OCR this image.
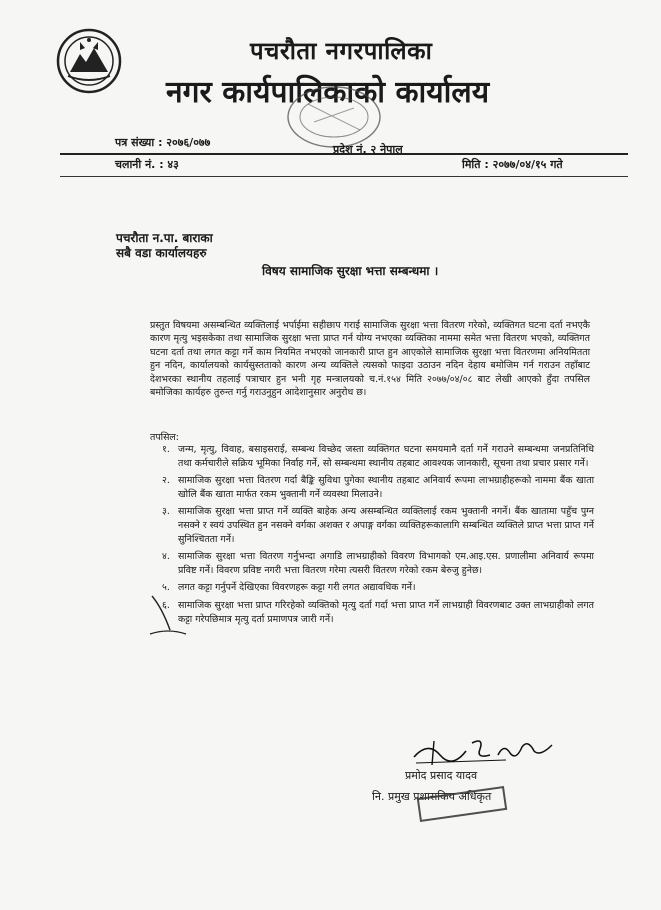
पचरौता नगरपालिका
नगर कार्यपालिकाको कार्यालय
प्रदेश नं. २ नेपाल
पत्र संख्या : २०७६/०७७
चलानी नं. : ४३	मिति : २०७७/०४/१५ गते
पचरौता न.पा. बाराका
सबै वडा कार्यालयहरु
विषय सामाजिक सुरक्षा भत्ता सम्बन्धमा ।
प्रस्तुत विषयमा असम्बन्धित व्यक्तिलाई भर्पाईमा सहीछाप गराई सामाजिक सुरक्षा भत्ता वितरण गरेको, व्यक्तिगत घटना दर्ता नभएकै कारण मृत्यु भइसकेका तथा सामाजिक सुरक्षा भत्ता प्राप्त गर्न योग्य नभएका व्यक्तिका नाममा समेत भत्ता वितरण भएको, व्यक्तिगत घटना दर्ता तथा लगत कट्टा गर्ने काम नियमित नभएको जानकारी प्राप्त हुन आएकोले सामाजिक सुरक्षा भत्ता वितरणमा अनियमितता हुन नदिन, कार्यालयको कार्यसुस्तताको कारण अन्य व्यक्तिले त्यसको फाइदा उठाउन नदिन देहाय बमोजिम गर्न गराउन तहाँबाट देशभरका स्थानीय तहलाई पत्राचार हुन भनी गृह मन्त्रालयको च.नं.१५४ मिति २०७७/०४/०८ बाट लेखी आएको हुँदा तपसिल बमोजिका कार्यहरु तुरुन्त गर्नु गराउनुहुन आदेशानुसार अनुरोध छ।
तपसिल:
१. जन्म, मृत्यु, विवाह, बसाइसराई, सम्बन्ध विच्छेद जस्ता व्यक्तिगत घटना समयमानै दर्ता गर्ने गराउने सम्बन्धमा जनप्रतिनिधि तथा कर्मचारीले सक्रिय भूमिका निर्वाह गर्ने, सो सम्बन्धमा स्थानीय तहबाट आवश्यक जानकारी, सूचना तथा प्रचार प्रसार गर्ने।
२. सामाजिक सुरक्षा भत्ता वितरण गर्दा बैङ्कि सुविधा पुगेका स्थानीय तहबाट अनिवार्य रूपमा लाभग्राहीहरूको नाममा बैंक खाता खोलि बैंक खाता मार्फत रकम भुक्तानी गर्ने व्यवस्था मिलाउने।
३. सामाजिक सुरक्षा भत्ता प्राप्त गर्ने व्यक्ति बाहेक अन्य असम्बन्धित व्यक्तिलाई रकम भुक्तानी नगर्ने। बैंक खातामा पहुँच पुग्न नसक्ने र स्वयं उपस्थित हुन नसक्ने वर्गका अशक्त र अपाङ्ग वर्गका व्यक्तिहरूकालागि सम्बन्धित व्यक्तिले प्राप्त भत्ता प्राप्त गर्ने सुनिश्चितता गर्ने।
४. सामाजिक सुरक्षा भत्ता वितरण गर्नुभन्दा अगाडि लाभग्राहीको विवरण विभागको एम.आइ.एस. प्रणालीमा अनिवार्य रूपमा प्रविष्ट गर्ने। विवरण प्रविष्ट नगरी भत्ता वितरण गरेमा त्यसरी वितरण गरेको रकम बेरुजु हुनेछ।
५. लगत कट्टा गर्नुपर्ने देखिएका विवरणहरू कट्टा गरी लगत अद्यावधिक गर्ने।
६. सामाजिक सुरक्षा भत्ता प्राप्त गरिरहेको व्यक्तिको मृत्यु दर्ता गर्दा भत्ता प्राप्त गर्ने लाभग्राही विवरणबाट उक्त लाभग्राहीको लगत कट्टा गरेपछिमात्र मृत्यु दर्ता प्रमाणपत्र जारी गर्ने।
प्रमोद प्रसाद यादव
नि. प्रमुख प्रशासकिय अधिकृत
